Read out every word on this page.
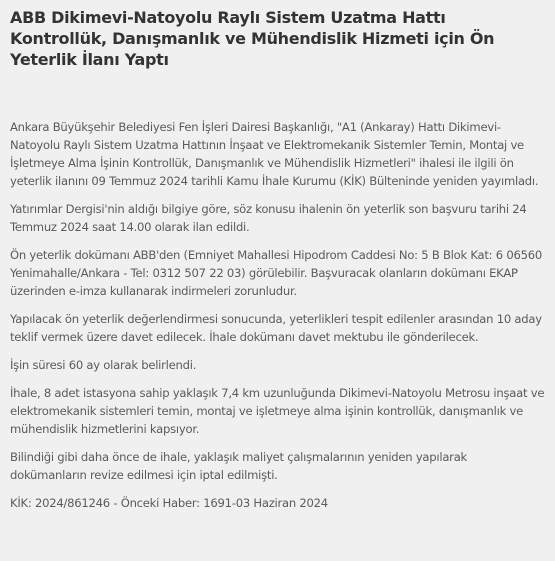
ABB Dikimevi-Natoyolu Raylı Sistem Uzatma Hattı Kontrollük, Danışmanlık ve Mühendislik Hizmeti için Ön Yeterlik İlanı Yaptı

Ankara Büyükşehir Belediyesi Fen İşleri Dairesi Başkanlığı, "A1 (Ankaray) Hattı Dikimevi-Natoyolu Raylı Sistem Uzatma Hattının İnşaat ve Elektromekanik Sistemler Temin, Montaj ve İşletmeye Alma İşinin Kontrollük, Danışmanlık ve Mühendislik Hizmetleri" ihalesi ile ilgili ön yeterlik ilanını 09 Temmuz 2024 tarihli Kamu İhale Kurumu (KİK) Bülteninde yeniden yayımladı.

Yatırımlar Dergisi'nin aldığı bilgiye göre, söz konusu ihalenin ön yeterlik son başvuru tarihi 24 Temmuz 2024 saat 14.00 olarak ilan edildi.

Ön yeterlik dokümanı ABB'den (Emniyet Mahallesi Hipodrom Caddesi No: 5 B Blok Kat: 6 06560 Yenimahalle/Ankara - Tel: 0312 507 22 03) görülebilir. Başvuracak olanların dokümanı EKAP üzerinden e-imza kullanarak indirmeleri zorunludur.

Yapılacak ön yeterlik değerlendirmesi sonucunda, yeterlikleri tespit edilenler arasından 10 aday teklif vermek üzere davet edilecek. İhale dokümanı davet mektubu ile gönderilecek.

İşin süresi 60 ay olarak belirlendi.

İhale, 8 adet istasyona sahip yaklaşık 7,4 km uzunluğunda Dikimevi-Natoyolu Metrosu inşaat ve elektromekanik sistemleri temin, montaj ve işletmeye alma işinin kontrollük, danışmanlık ve mühendislik hizmetlerini kapsıyor.

Bilindiği gibi daha önce de ihale, yaklaşık maliyet çalışmalarının yeniden yapılarak dokümanların revize edilmesi için iptal edilmişti.

KİK: 2024/861246 - Önceki Haber: 1691-03 Haziran 2024
